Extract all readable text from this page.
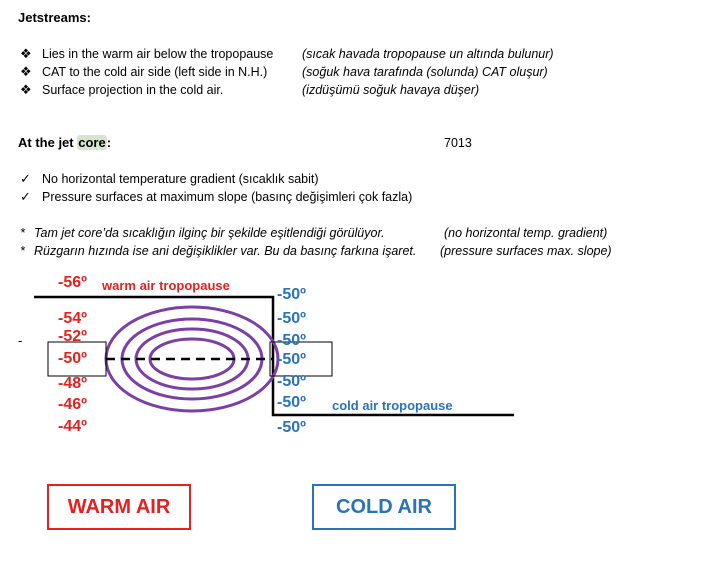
Jetstreams:
❖ Lies in the warm air below the tropopause (sıcak havada tropopause un altında bulunur)
❖ CAT to the cold air side (left side in N.H.)	(soğuk hava tarafında (solunda) CAT oluşur)
❖ Surface projection in the cold air.	(izdüşümü soğuk havaya düşer)
At the jet core:	7013
✓ No horizontal temperature gradient (sıcaklık sabit)
✓ Pressure surfaces at maximum slope (basınç değişimleri çok fazla)
* Tam jet core’da sıcaklığın ilginç bir şekilde eşitlendiği görülüyor.	(no horizontal temp. gradient)
* Rüzgarın hızında ise ani değişiklikler var. Bu da basınç farkına işaret. (pressure surfaces max. slope)
-
-56º warm air tropopause
-54º
-52º
-50º
-48º
-46º
-44º
-50º
-50º
-50º
-50º
-50º
-50º cold air tropopause
-50º
WARM AIR	COLD AIR
